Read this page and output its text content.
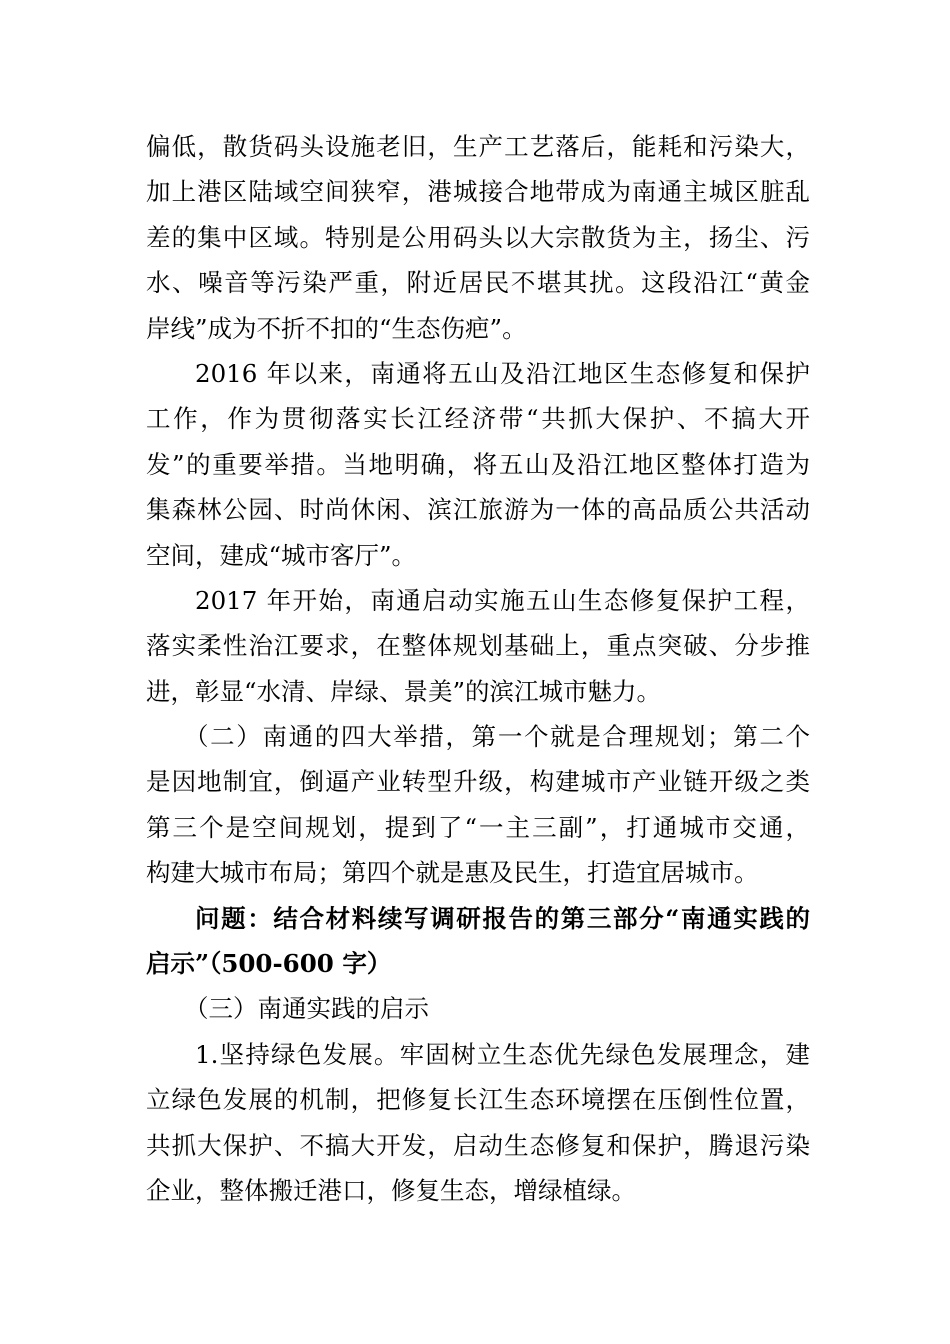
偏低，散货码头设施老旧，生产工艺落后，能耗和污染大，
加上港区陆域空间狭窄，港城接合地带成为南通主城区脏乱
差的集中区域。特别是公用码头以大宗散货为主，扬尘、污
水、噪音等污染严重，附近居民不堪其扰。这段沿江“黄金
岸线”成为不折不扣的“生态伤疤”。
2016 年以来，南通将五山及沿江地区生态修复和保护
工作，作为贯彻落实长江经济带“共抓大保护、不搞大开
发”的重要举措。当地明确，将五山及沿江地区整体打造为
集森林公园、时尚休闲、滨江旅游为一体的高品质公共活动
空间，建成“城市客厅”。
2017 年开始，南通启动实施五山生态修复保护工程，
落实柔性治江要求，在整体规划基础上，重点突破、分步推
进，彰显“水清、岸绿、景美”的滨江城市魅力。
（二）南通的四大举措，第一个就是合理规划；第二个
是因地制宜，倒逼产业转型升级，构建城市产业链开级之类
第三个是空间规划，提到了“一主三副”，打通城市交通，
构建大城市布局；第四个就是惠及民生，打造宜居城市。
问题：结合材料续写调研报告的第三部分“南通实践的
启示”（500-600 字）
（三）南通实践的启示
1.坚持绿色发展。牢固树立生态优先绿色发展理念，建
立绿色发展的机制，把修复长江生态环境摆在压倒性位置，
共抓大保护、不搞大开发，启动生态修复和保护，腾退污染
企业，整体搬迁港口，修复生态，增绿植绿。
